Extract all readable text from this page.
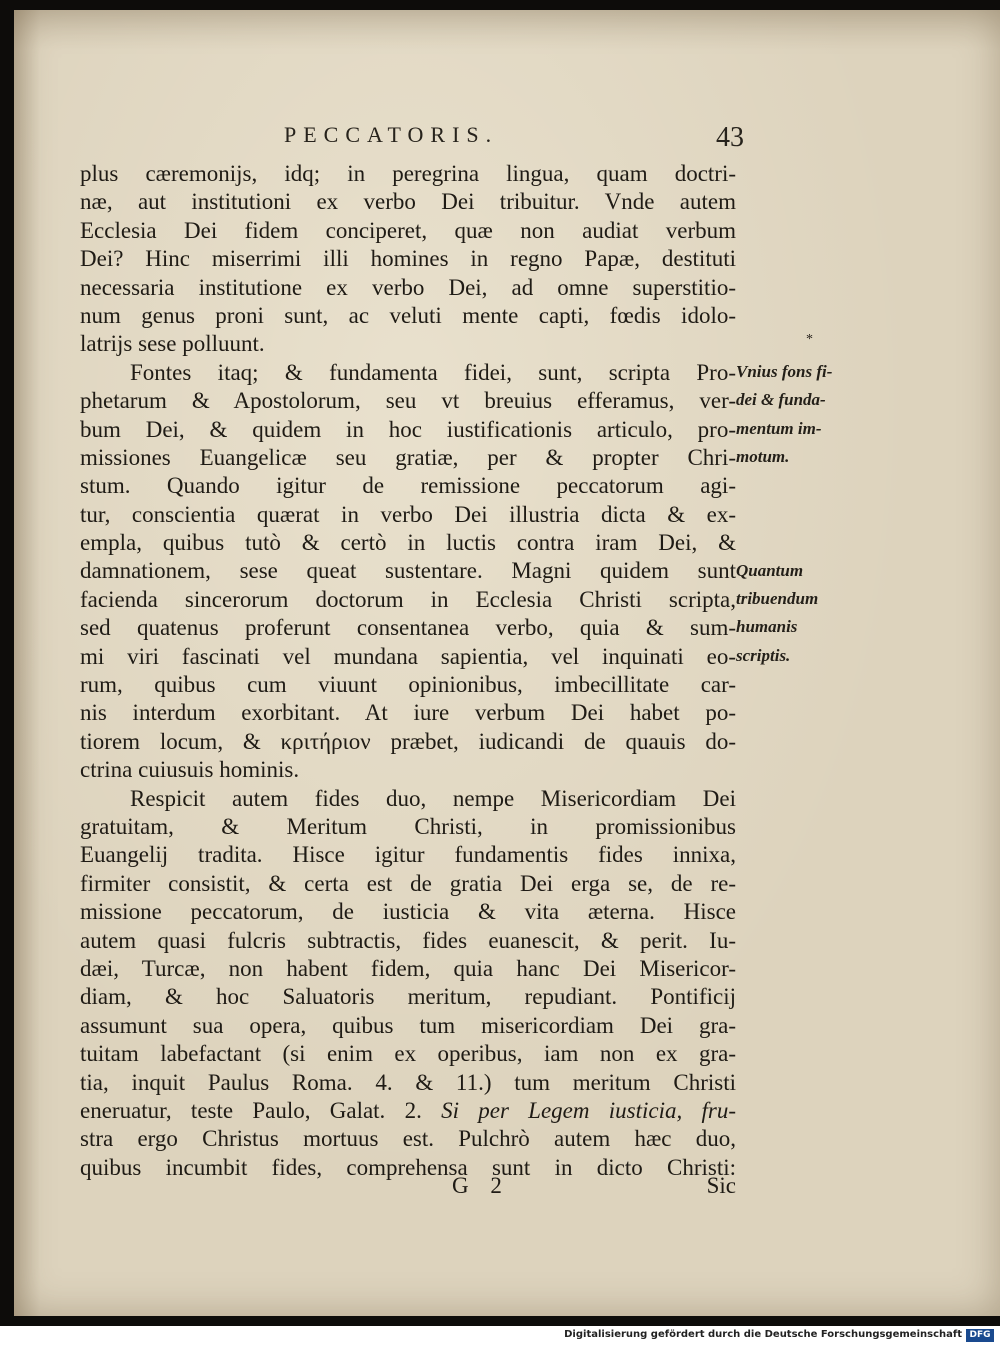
PECCATORIS.	43
*
plus cæremonijs, idq; in peregrina lingua, quam doctri-
næ, aut institutioni ex verbo Dei tribuitur. Vnde autem
Ecclesia Dei fidem conciperet, quæ non audiat verbum
Dei? Hinc miserrimi illi homines in regno Papæ, destituti
necessaria institutione ex verbo Dei, ad omne superstitio-
num genus proni sunt, ac veluti mente capti, fœdis idolo-
latrijs sese polluunt.
Fontes itaq; & fundamenta fidei, sunt, scripta Pro-
phetarum & Apostolorum, seu vt breuius efferamus, ver-
bum Dei, & quidem in hoc iustificationis articulo, pro-
missiones Euangelicæ seu gratiæ, per & propter Chri-
stum. Quando igitur de remissione peccatorum agi-
tur, conscientia quærat in verbo Dei illustria dicta & ex-
empla, quibus tutò & certò in luctis contra iram Dei, &
damnationem, sese queat sustentare. Magni quidem sunt
facienda sincerorum doctorum in Ecclesia Christi scripta,
sed quatenus proferunt consentanea verbo, quia & sum-
mi viri fascinati vel mundana sapientia, vel inquinati eo-
rum, quibus cum viuunt opinionibus, imbecillitate car-
nis interdum exorbitant. At iure verbum Dei habet po-
tiorem locum, & κριτήριον præbet, iudicandi de quauis do-
ctrina cuiusuis hominis.
Respicit autem fides duo, nempe Misericordiam Dei
gratuitam, & Meritum Christi, in promissionibus
Euangelij tradita. Hisce igitur fundamentis fides innixa,
firmiter consistit, & certa est de gratia Dei erga se, de re-
missione peccatorum, de iusticia & vita æterna. Hisce
autem quasi fulcris subtractis, fides euanescit, & perit. Iu-
dæi, Turcæ, non habent fidem, quia hanc Dei Misericor-
diam, & hoc Saluatoris meritum, repudiant. Pontificij
assumunt sua opera, quibus tum misericordiam Dei gra-
tuitam labefactant (si enim ex operibus, iam non ex gra-
tia, inquit Paulus Roma. 4. & 11.) tum meritum Christi
eneruatur, teste Paulo, Galat. 2. Si per Legem iusticia, fru-
stra ergo Christus mortuus est. Pulchrò autem hæc duo,
quibus incumbit fides, comprehensa sunt in dicto Christi:
Vnius fons fi-
dei & funda-
mentum im-
motum.
Quantum
tribuendum
humanis
scriptis.
G 2	Sic
Digitalisierung gefördert durch die Deutsche Forschungsgemeinschaft DFG
